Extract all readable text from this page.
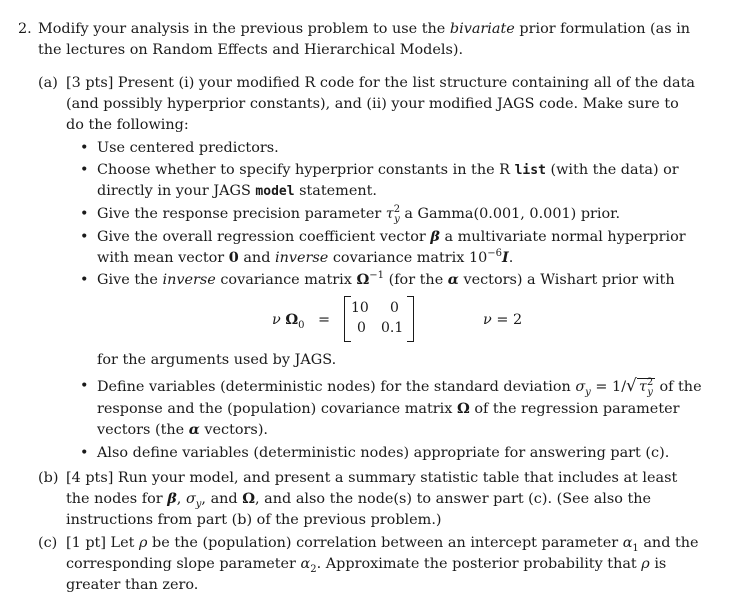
2. Modify your analysis in the previous problem to use the bivariate prior formulation (as in
the lectures on Random Effects and Hierarchical Models).
(a) [3 pts] Present (i) your modified R code for the list structure containing all of the data
(and possibly hyperprior constants), and (ii) your modified JAGS code. Make sure to
do the following:
• Use centered predictors.
• Choose whether to specify hyperprior constants in the R list (with the data) or
directly in your JAGS model statement.
• Give the response precision parameter $\tau^2_y$ a Gamma(0.001, 0.001) prior.
• Give the overall regression coefficient vector β a multivariate normal hyperprior
with mean vector 0 and inverse covariance matrix $10^{-6}I$.
• Give the inverse covariance matrix $\Omega^{-1}$ (for the α vectors) a Wishart prior with
ν $\Omega_0$ =
10 0
0 0.1	ν = 2
for the arguments used by JAGS.
• Define variables (deterministic nodes) for the standard deviation $\sigma_y = 1/√$ $\tau^2_y$ of the
response and the (population) covariance matrix Ω of the regression parameter
vectors (the α vectors).
• Also define variables (deterministic nodes) appropriate for answering part (c).
(b) [4 pts] Run your model, and present a summary statistic table that includes at least
the nodes for β, $\sigma_y$, and Ω, and also the node(s) to answer part (c). (See also the
instructions from part (b) of the previous problem.)
(c) [1 pt] Let ρ be the (population) correlation between an intercept parameter $\alpha_1$ and the
corresponding slope parameter $\alpha_2$. Approximate the posterior probability that ρ is
greater than zero.
